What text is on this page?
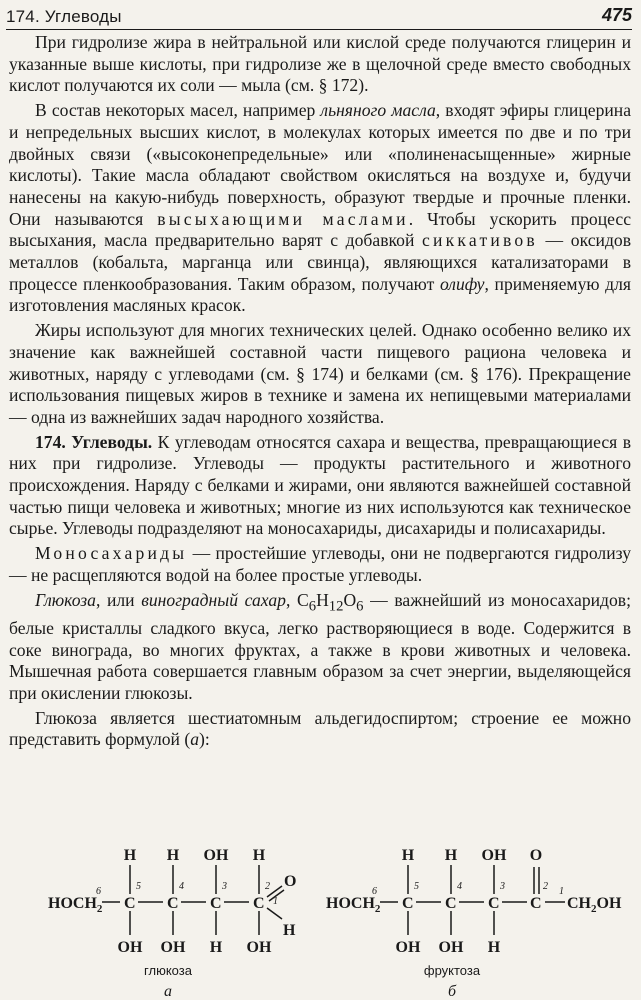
174. Углеводы	475

При гидролизе жира в нейтральной или кислой среде получаются глицерин и указанные выше кислоты, при гидролизе же в щелочной среде вместо свободных кислот получаются их соли — мыла (см. § 172).

В состав некоторых масел, например льняного масла, входят эфиры глицерина и непредельных высших кислот, в молекулах которых имеется по две и по три двойных связи («высоконепредельные» или «полиненасыщенные» жирные кислоты). Такие масла обладают свойством окисляться на воздухе и, будучи нанесены на какую-нибудь поверхность, образуют твердые и прочные пленки. Они называются высыхающими маслами. Чтобы ускорить процесс высыхания, масла предварительно варят с добавкой сиккативов — оксидов металлов (кобальта, марганца или свинца), являющихся катализаторами в процессе пленкообразования. Таким образом, получают олифу, применяемую для изготовления масляных красок.

Жиры используют для многих технических целей. Однако особенно велико их значение как важнейшей составной части пищевого рациона человека и животных, наряду с углеводами (см. § 174) и белками (см. § 176). Прекращение использования пищевых жиров в технике и замена их непищевыми материалами — одна из важнейших задач народного хозяйства.

174. Углеводы. К углеводам относятся сахара и вещества, превращающиеся в них при гидролизе. Углеводы — продукты растительного и животного происхождения. Наряду с белками и жирами, они являются важнейшей составной частью пищи человека и животных; многие из них используются как техническое сырье. Углеводы подразделяют на моносахариды, дисахариды и полисахариды.

Моносахариды — простейшие углеводы, они не подвергаются гидролизу — не расщепляются водой на более простые углеводы.

Глюкоза, или виноградный сахар, $C_6H_{12}O_6$ — важнейший из моносахаридов; белые кристаллы сладкого вкуса, легко растворяющиеся в воде. Содержится в соке винограда, во многих фруктах, а также в крови животных и человека. Мышечная работа совершается главным образом за счет энергии, выделяющейся при окислении глюкозы.

Глюкоза является шестиатомным альдегидоспиртом; строение ее можно представить формулой (а):

$HOCH_2$ C C C C
H H OH H
OH OH H OH
O
H
6	5	4	3	2
1
глюкоза
а
$HOCH_2$ C C C C
H H OH O
OH OH H
$CH_2OH$
6	5	4	3	2 1
фруктоза
б
